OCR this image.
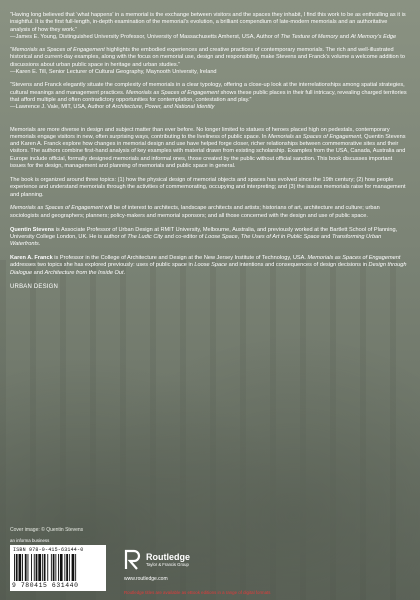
“Having long believed that ‘what happens’ in a memorial is the exchange between visitors and the spaces they inhabit, I find this work to be as enthralling as it is insightful. It is the first full-length, in-depth examination of the memorial’s evolution, a brilliant compendium of late-modern memorials and an authoritative analysis of how they work.”
—James E. Young, Distinguished University Professor, University of Massachusetts Amherst, USA, Author of The Texture of Memory and At Memory’s Edge
“Memorials as Spaces of Engagement highlights the embodied experiences and creative practices of contemporary memorials. The rich and well-illustrated historical and current-day examples, along with the focus on memorial use, design and responsibility, make Stevens and Franck’s volume a welcome addition to discussions about urban public space in heritage and urban studies.”
—Karen E. Till, Senior Lecturer of Cultural Geography, Maynooth University, Ireland
“Stevens and Franck elegantly situate the complexity of memorials in a clear typology, offering a close-up look at the interrelationships among spatial strategies, cultural meanings and management practices. Memorials as Spaces of Engagement shows these public places in their full intricacy, revealing charged territories that afford multiple and often contradictory opportunities for contemplation, contestation and play.”
—Lawrence J. Vale, MIT, USA, Author of Architecture, Power, and National Identity

Memorials are more diverse in design and subject matter than ever before. No longer limited to statues of heroes placed high on pedestals, contemporary memorials engage visitors in new, often surprising ways, contributing to the liveliness of public space. In Memorials as Spaces of Engagement, Quentin Stevens and Karen A. Franck explore how changes in memorial design and use have helped forge closer, richer relationships between commemorative sites and their visitors. The authors combine first-hand analysis of key examples with material drawn from existing scholarship. Examples from the USA, Canada, Australia and Europe include official, formally designed memorials and informal ones, those created by the public without official sanction. This book discusses important issues for the design, management and planning of memorials and public space in general.

The book is organized around three topics: (1) how the physical design of memorial objects and spaces has evolved since the 19th century; (2) how people experience and understand memorials through the activities of commemorating, occupying and interpreting; and (3) the issues memorials raise for management and planning.

Memorials as Spaces of Engagement will be of interest to architects, landscape architects and artists; historians of art, architecture and culture; urban sociologists and geographers; planners; policy-makers and memorial sponsors; and all those concerned with the design and use of public space.

Quentin Stevens is Associate Professor of Urban Design at RMIT University, Melbourne, Australia, and previously worked at the Bartlett School of Planning, University College London, UK. He is author of The Ludic City and co-editor of Loose Space, The Uses of Art in Public Space and Transforming Urban Waterfronts.

Karen A. Franck is Professor in the College of Architecture and Design at the New Jersey Institute of Technology, USA. Memorials as Spaces of Engagement addresses two topics she has explored previously: uses of public space in Loose Space and intentions and consequences of design decisions in Design through Dialogue and Architecture from the Inside Out.

URBAN DESIGN
Cover image: © Quentin Stevens
an informa business
ISBN 978-0-415-63144-0
9 780415 631440
Routledge
Taylor & Francis Group
www.routledge.com
Routledge titles are available as eBook editions in a range of digital formats
